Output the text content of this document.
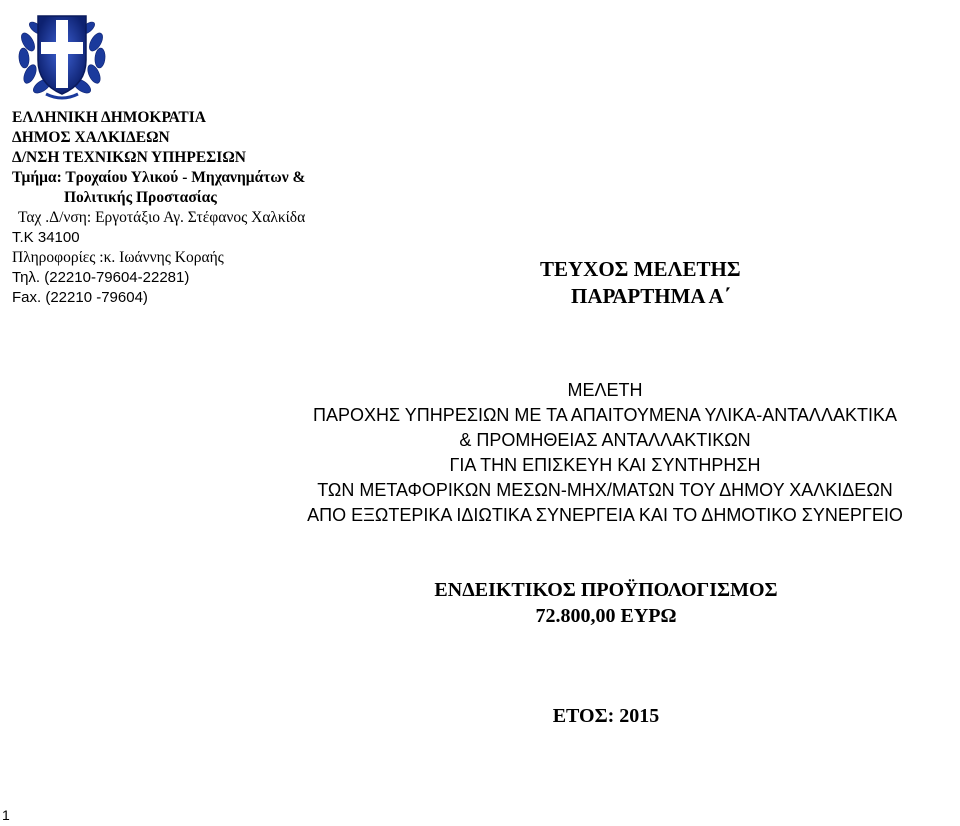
ΕΛΛΗΝΙΚΗ ΔΗΜΟΚΡΑΤΙΑ
ΔΗΜΟΣ ΧΑΛΚΙΔΕΩΝ
Δ/ΝΣΗ ΤΕΧΝΙΚΩΝ ΥΠΗΡΕΣΙΩΝ
Τμήμα: Τροχαίου Υλικού - Μηχανημάτων &
Πολιτικής Προστασίας
Ταχ .Δ/νση: Εργοτάξιο Αγ. Στέφανος Χαλκίδα
Τ.Κ 34100
Πληροφορίες :κ. Ιωάννης Κοραής
Τηλ. (22210-79604-22281)
Fax. (22210 -79604)
ΤΕΥΧΟΣ ΜΕΛΕΤΗΣ
ΠΑΡΑΡΤΗΜΑ Α΄
ΜΕΛΕΤΗ
ΠΑΡΟΧΗΣ ΥΠΗΡΕΣΙΩΝ ΜΕ ΤΑ ΑΠΑΙΤΟΥΜΕΝΑ ΥΛΙΚΑ-ΑΝΤΑΛΛΑΚΤΙΚΑ
& ΠΡΟΜΗΘΕΙΑΣ ΑΝΤΑΛΛΑΚΤΙΚΩΝ
ΓΙΑ ΤΗΝ ΕΠΙΣΚΕΥΗ ΚΑΙ ΣΥΝΤΗΡΗΣΗ
ΤΩΝ ΜΕΤΑΦΟΡΙΚΩΝ ΜΕΣΩΝ-ΜΗΧ/ΜΑΤΩΝ ΤΟΥ ΔΗΜΟΥ ΧΑΛΚΙΔΕΩΝ
ΑΠΟ ΕΞΩΤΕΡΙΚΑ ΙΔΙΩΤΙΚΑ ΣΥΝΕΡΓΕΙΑ ΚΑΙ ΤΟ ΔΗΜΟΤΙΚΟ ΣΥΝΕΡΓΕΙΟ
ΕΝΔΕΙΚΤΙΚΟΣ ΠΡΟΫΠΟΛΟΓΙΣΜΟΣ
72.800,00 ΕΥΡΩ
ΕΤΟΣ: 2015
1
